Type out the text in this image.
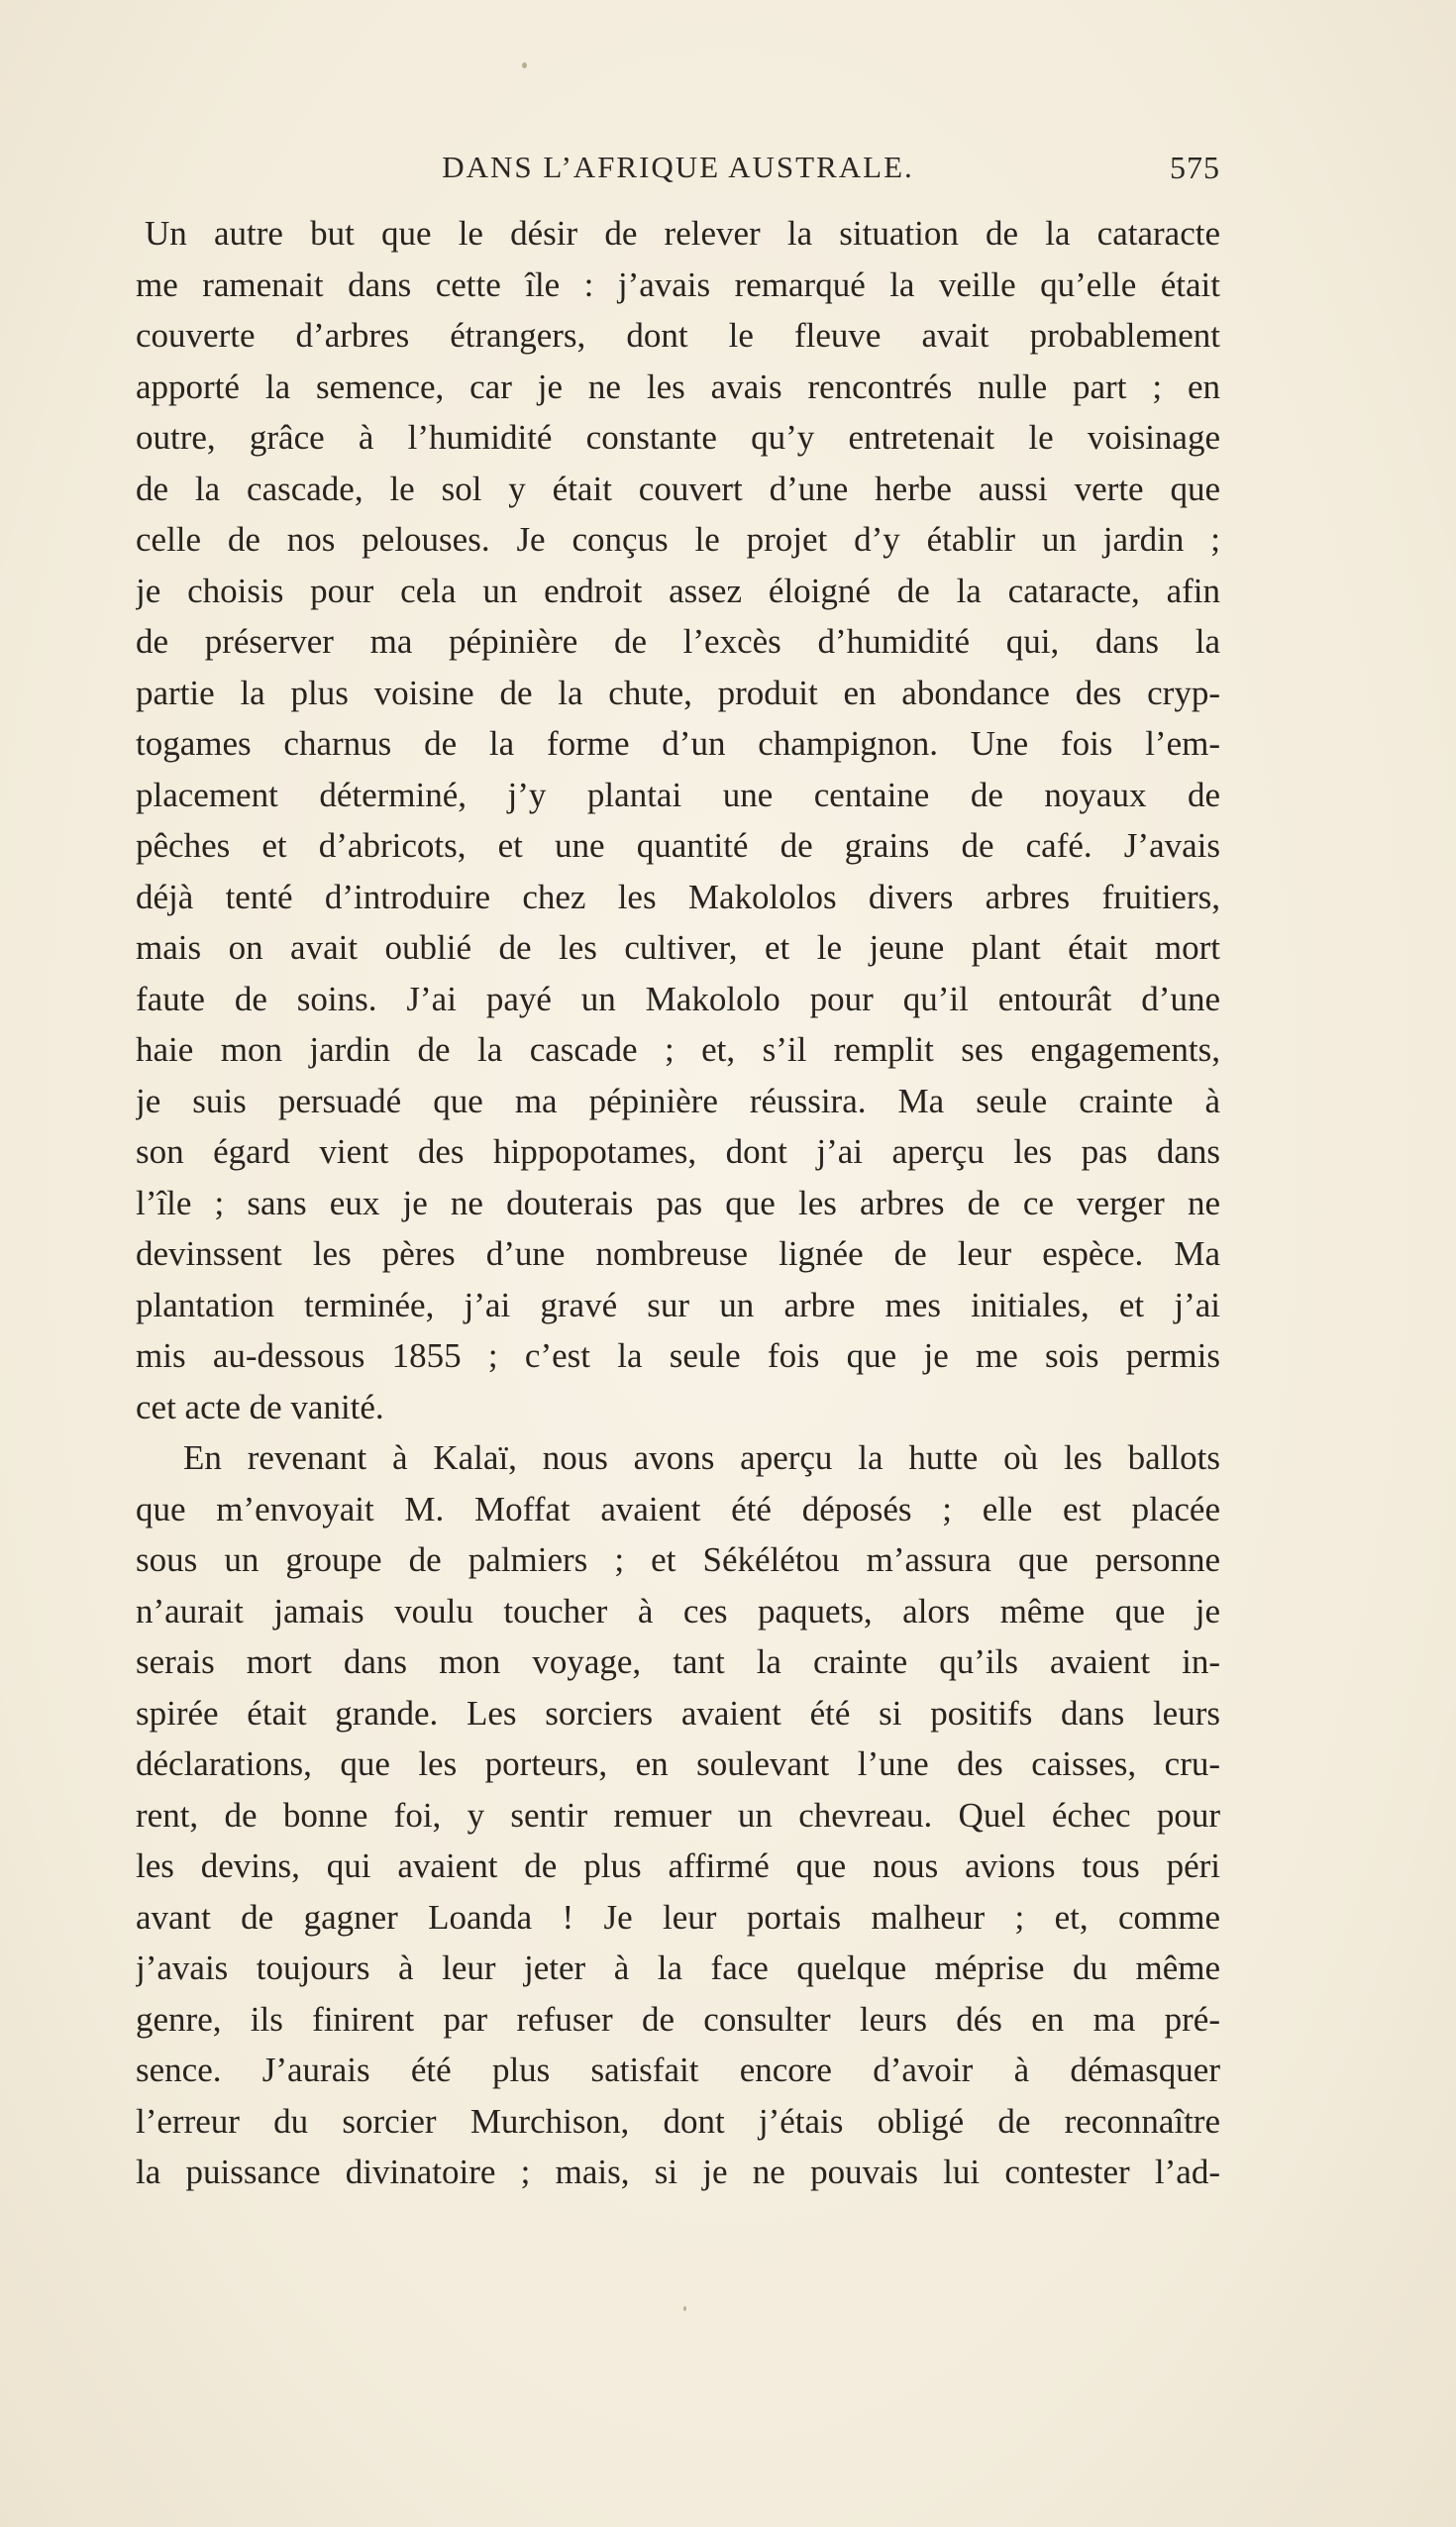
DANS L’AFRIQUE AUSTRALE.	575

Un autre but que le désir de relever la situation de la cataracte
me ramenait dans cette île : j’avais remarqué la veille qu’elle était
couverte d’arbres étrangers, dont le fleuve avait probablement
apporté la semence, car je ne les avais rencontrés nulle part ; en
outre, grâce à l’humidité constante qu’y entretenait le voisinage
de la cascade, le sol y était couvert d’une herbe aussi verte que
celle de nos pelouses. Je conçus le projet d’y établir un jardin ;
je choisis pour cela un endroit assez éloigné de la cataracte, afin
de préserver ma pépinière de l’excès d’humidité qui, dans la
partie la plus voisine de la chute, produit en abondance des cryp-
togames charnus de la forme d’un champignon. Une fois l’em-
placement déterminé, j’y plantai une centaine de noyaux de
pêches et d’abricots, et une quantité de grains de café. J’avais
déjà tenté d’introduire chez les Makololos divers arbres fruitiers,
mais on avait oublié de les cultiver, et le jeune plant était mort
faute de soins. J’ai payé un Makololo pour qu’il entourât d’une
haie mon jardin de la cascade ; et, s’il remplit ses engagements,
je suis persuadé que ma pépinière réussira. Ma seule crainte à
son égard vient des hippopotames, dont j’ai aperçu les pas dans
l’île ; sans eux je ne douterais pas que les arbres de ce verger ne
devinssent les pères d’une nombreuse lignée de leur espèce. Ma
plantation terminée, j’ai gravé sur un arbre mes initiales, et j’ai
mis au-dessous 1855 ; c’est la seule fois que je me sois permis
cet acte de vanité.

En revenant à Kalaï, nous avons aperçu la hutte où les ballots
que m’envoyait M. Moffat avaient été déposés ; elle est placée
sous un groupe de palmiers ; et Sékélétou m’assura que personne
n’aurait jamais voulu toucher à ces paquets, alors même que je
serais mort dans mon voyage, tant la crainte qu’ils avaient in-
spirée était grande. Les sorciers avaient été si positifs dans leurs
déclarations, que les porteurs, en soulevant l’une des caisses, cru-
rent, de bonne foi, y sentir remuer un chevreau. Quel échec pour
les devins, qui avaient de plus affirmé que nous avions tous péri
avant de gagner Loanda ! Je leur portais malheur ; et, comme
j’avais toujours à leur jeter à la face quelque méprise du même
genre, ils finirent par refuser de consulter leurs dés en ma pré-
sence. J’aurais été plus satisfait encore d’avoir à démasquer
l’erreur du sorcier Murchison, dont j’étais obligé de reconnaître
la puissance divinatoire ; mais, si je ne pouvais lui contester l’ad-
